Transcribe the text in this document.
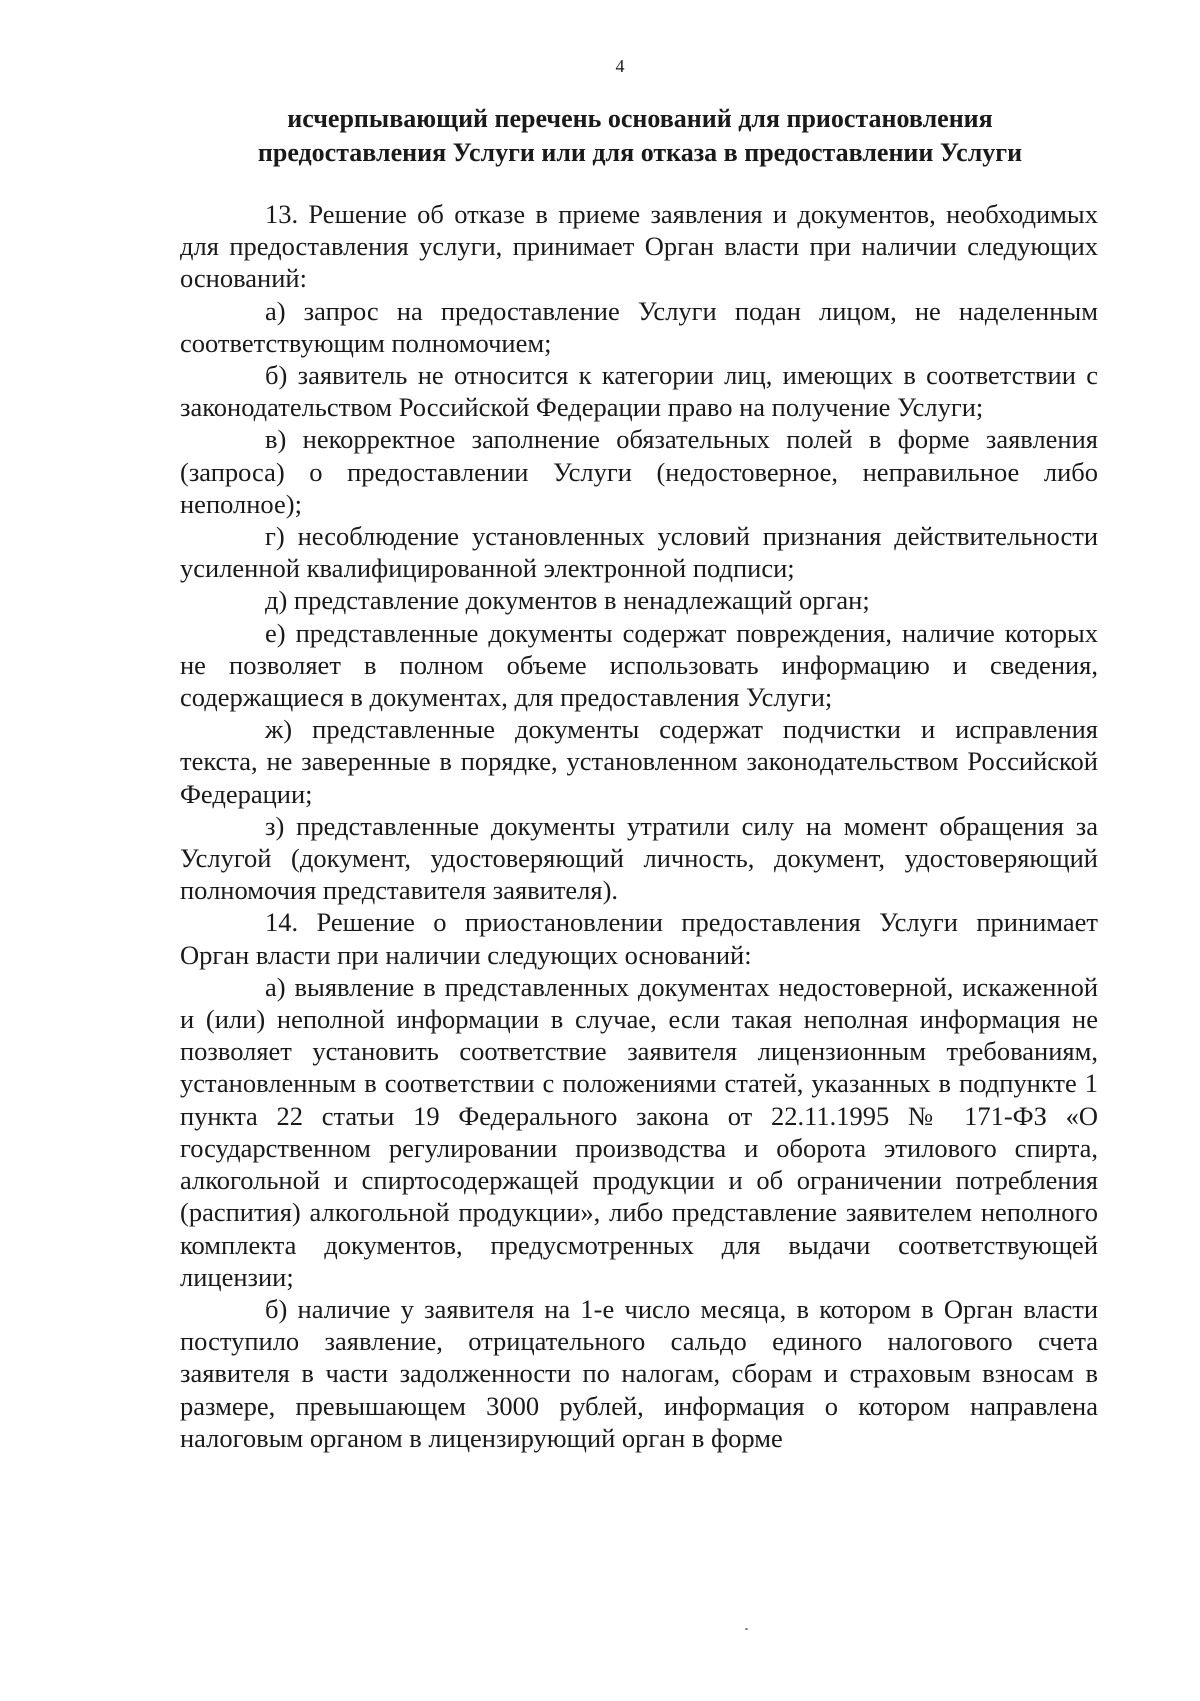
4
исчерпывающий перечень оснований для приостановления предоставления Услуги или для отказа в предоставлении Услуги

13. Решение об отказе в приеме заявления и документов, необходимых для предоставления услуги, принимает Орган власти при наличии следующих оснований:

а) запрос на предоставление Услуги подан лицом, не наделенным соответствующим полномочием;

б) заявитель не относится к категории лиц, имеющих в соответствии с законодательством Российской Федерации право на получение Услуги;

в) некорректное заполнение обязательных полей в форме заявления (запроса) о предоставлении Услуги (недостоверное, неправильное либо неполное);

г) несоблюдение установленных условий признания действительности усиленной квалифицированной электронной подписи;

д) представление документов в ненадлежащий орган;

е) представленные документы содержат повреждения, наличие которых не позволяет в полном объеме использовать информацию и сведения, содержащиеся в документах, для предоставления Услуги;

ж) представленные документы содержат подчистки и исправления текста, не заверенные в порядке, установленном законодательством Российской Федерации;

з) представленные документы утратили силу на момент обращения за Услугой (документ, удостоверяющий личность, документ, удостоверяющий полномочия представителя заявителя).

14. Решение о приостановлении предоставления Услуги принимает Орган власти при наличии следующих оснований:

а) выявление в представленных документах недостоверной, искаженной и (или) неполной информации в случае, если такая неполная информация не позволяет установить соответствие заявителя лицензионным требованиям, установленным в соответствии с положениями статей, указанных в подпункте 1 пункта 22 статьи 19 Федерального закона от 22.11.1995 № 171-ФЗ «О государственном регулировании производства и оборота этилового спирта, алкогольной и спиртосодержащей продукции и об ограничении потребления (распития) алкогольной продукции», либо представление заявителем неполного комплекта документов, предусмотренных для выдачи соответствующей лицензии;

б) наличие у заявителя на 1-е число месяца, в котором в Орган власти поступило заявление, отрицательного сальдо единого налогового счета заявителя в части задолженности по налогам, сборам и страховым взносам в размере, превышающем 3000 рублей, информация о котором направлена налоговым органом в лицензирующий орган в форме
